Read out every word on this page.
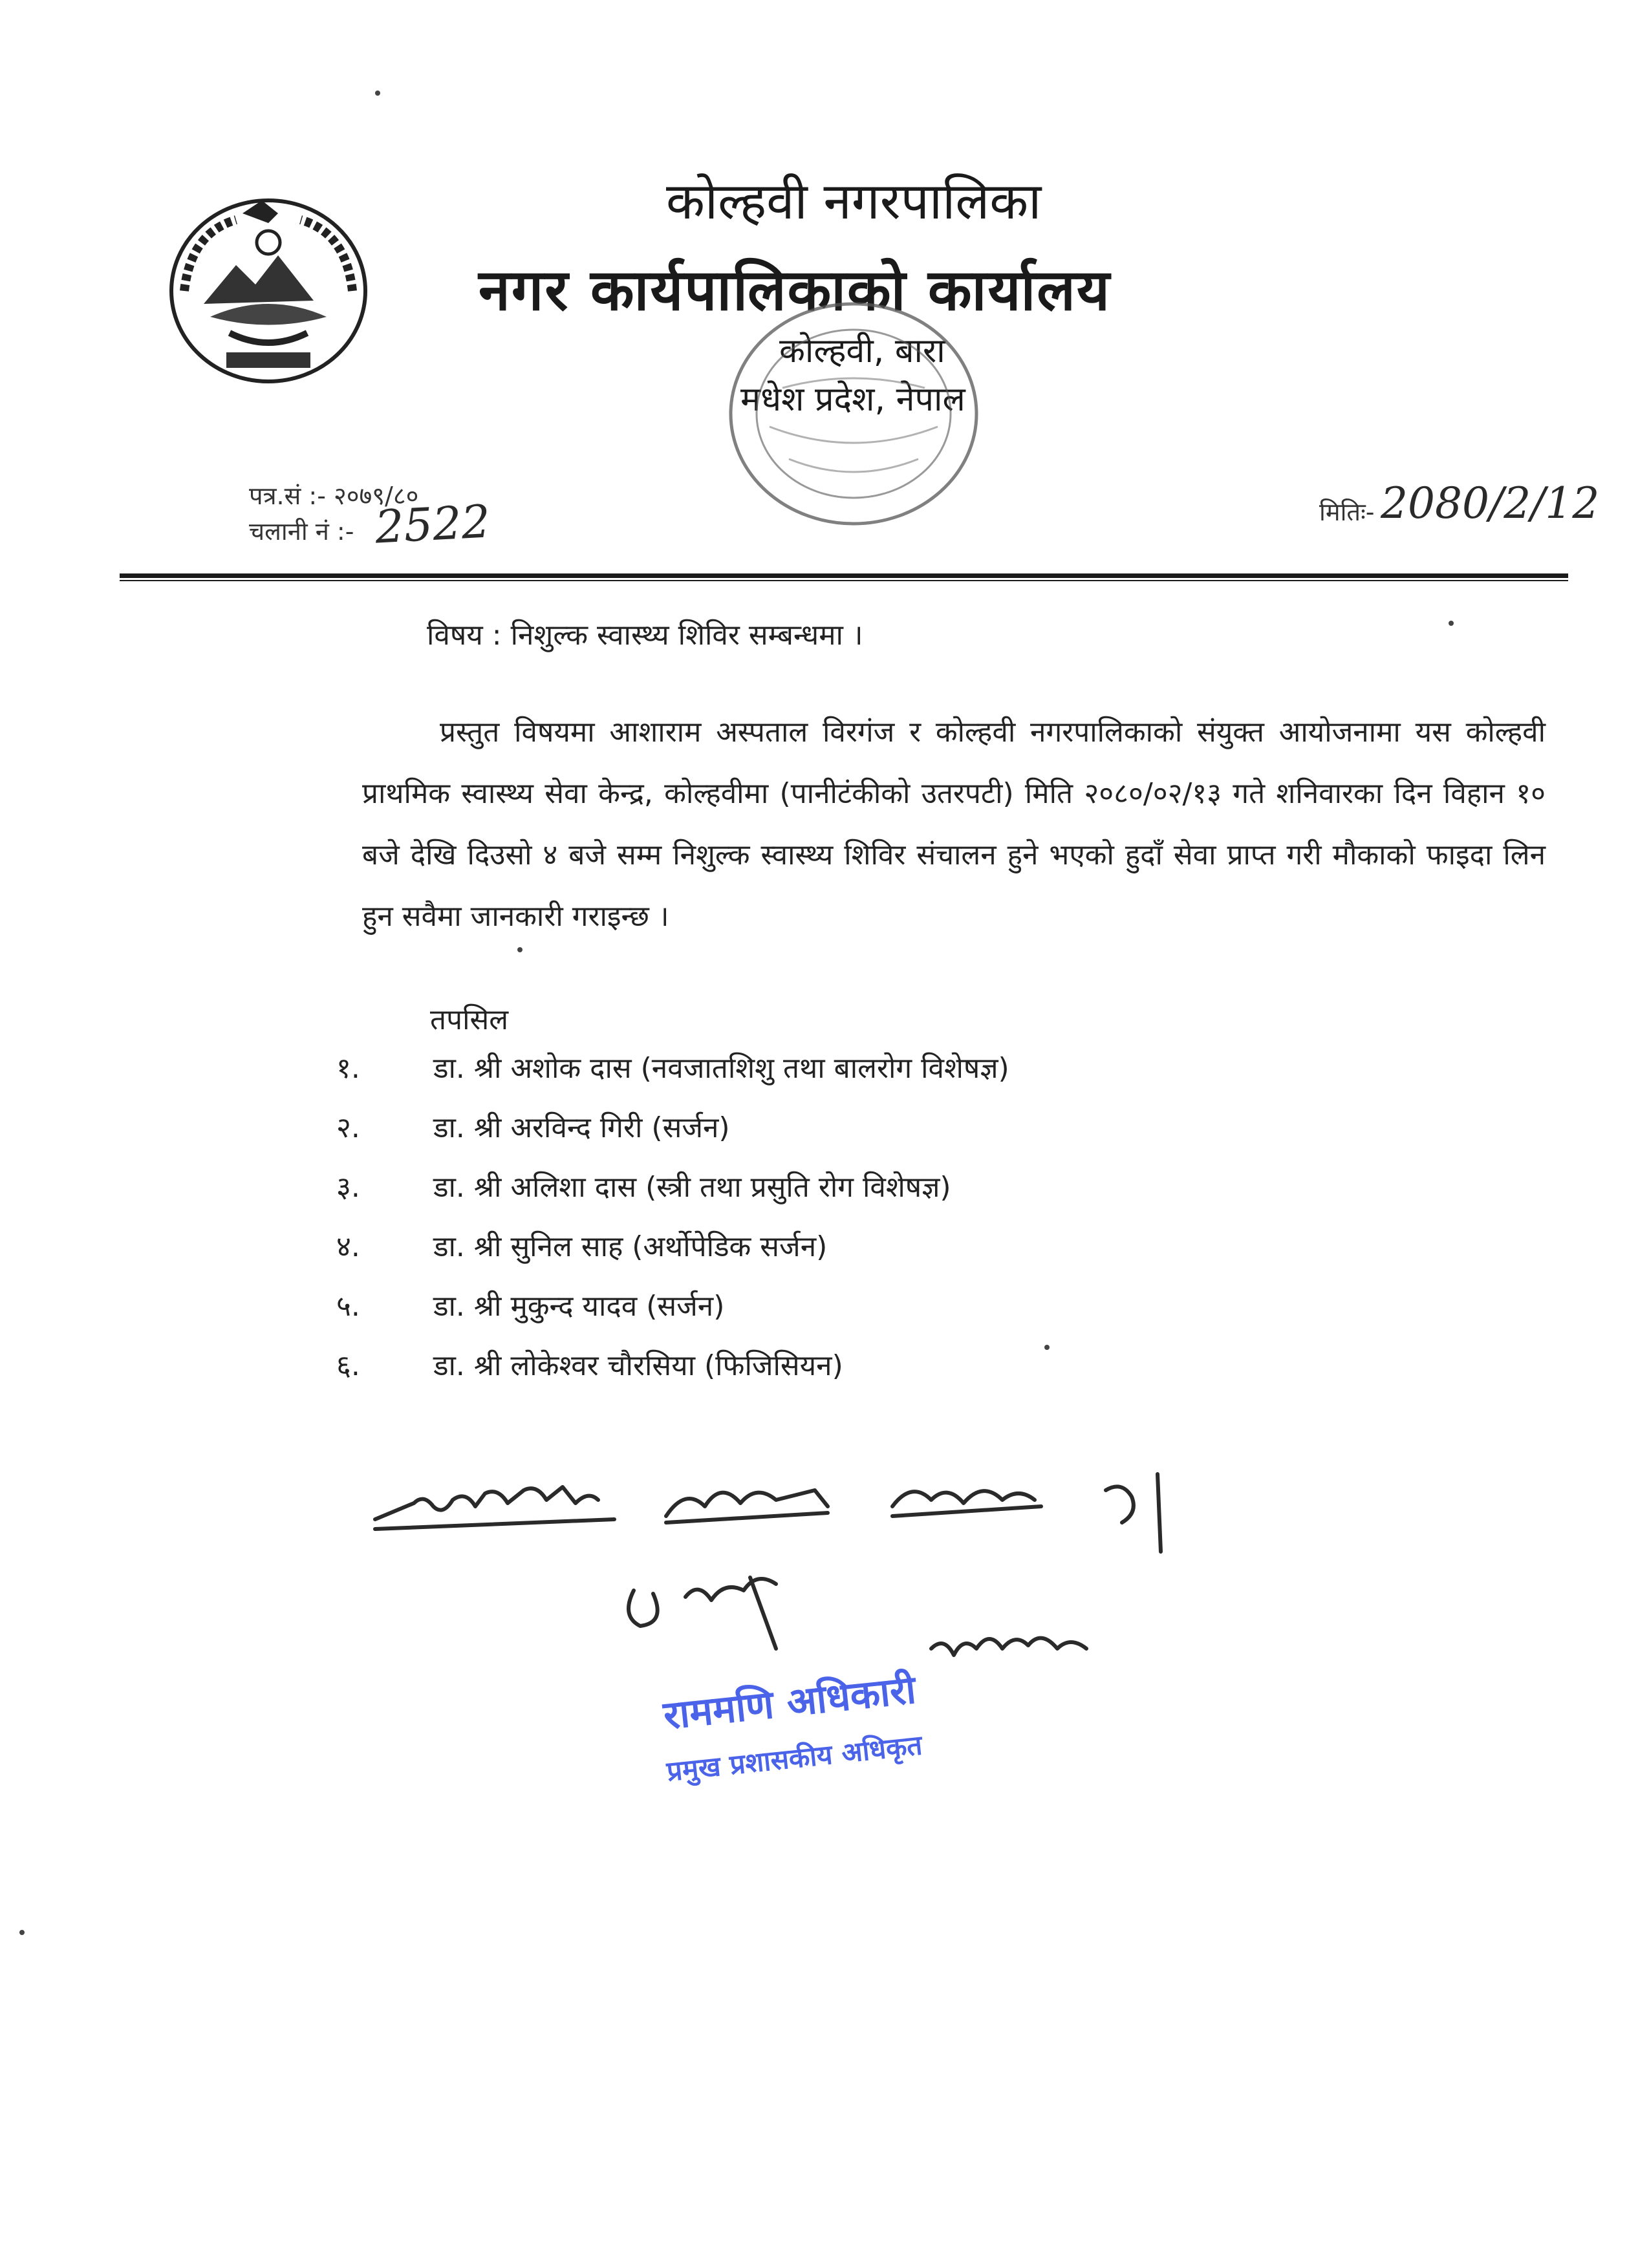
कोल्हवी नगरपालिका
नगर कार्यपालिकाको कार्यालय
कोल्हवी, बारा
मधेश प्रदेश, नेपाल
पत्र.सं :- २०७९/८०
चलानी नं :- 2522	मितिः- 2080/2/12
विषय : निशुल्क स्वास्थ्य शिविर सम्बन्धमा ।

प्रस्तुत विषयमा आशाराम अस्पताल विरगंज र कोल्हवी नगरपालिकाको संयुक्त आयोजनामा यस कोल्हवी प्राथमिक स्वास्थ्य सेवा केन्द्र, कोल्हवीमा (पानीटंकीको उतरपटी) मिति २०८०/०२/१३ गते शनिवारका दिन विहान १० बजे देखि दिउसो ४ बजे सम्म निशुल्क स्वास्थ्य शिविर संचालन हुने भएको हुदाँ सेवा प्राप्त गरी मौकाको फाइदा लिन हुन सवैमा जानकारी गराइन्छ ।

तपसिल
१.	डा. श्री अशोक दास (नवजातशिशु तथा बालरोग विशेषज्ञ)
२.	डा. श्री अरविन्द गिरी (सर्जन)
३.	डा. श्री अलिशा दास (स्त्री तथा प्रसुति रोग विशेषज्ञ)
४.	डा. श्री सुनिल साह (अर्थोपेडिक सर्जन)
५.	डा. श्री मुकुन्द यादव (सर्जन)
६.	डा. श्री लोकेश्वर चौरसिया (फिजिसियन)
राममणि अधिकारी
प्रमुख प्रशासकीय अधिकृत
